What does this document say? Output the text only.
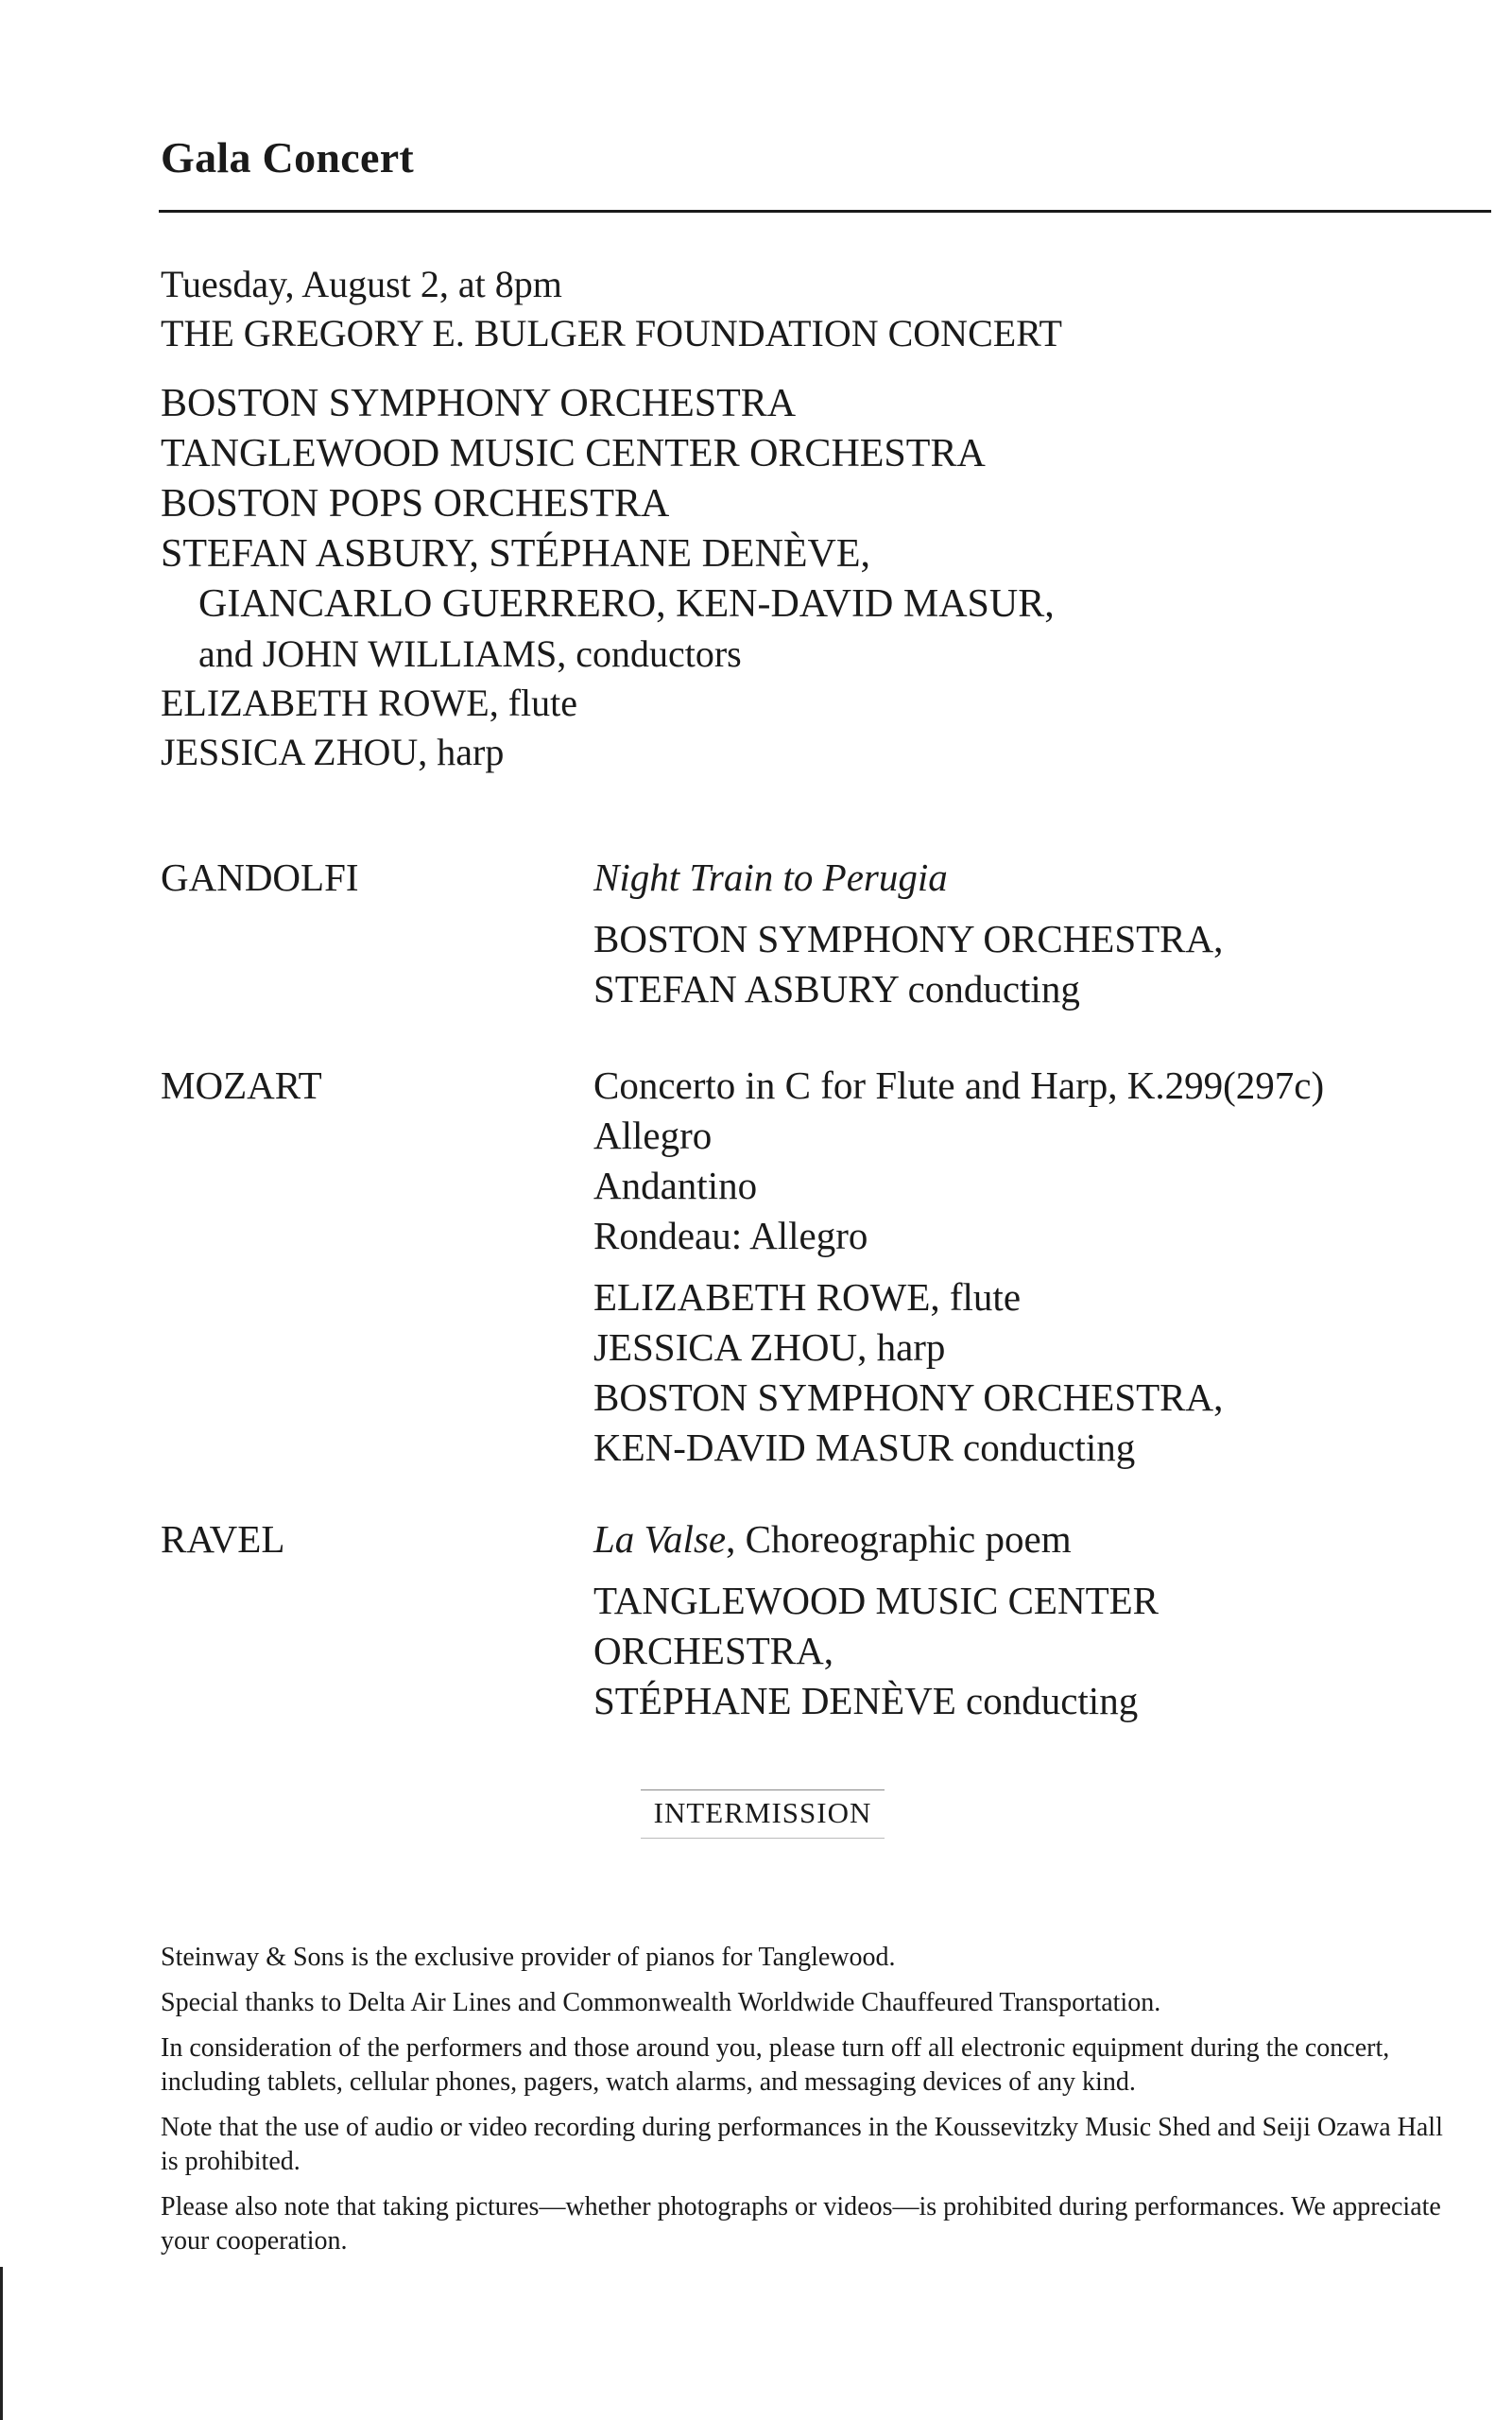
Gala Concert
Tuesday, August 2, at 8pm
THE GREGORY E. BULGER FOUNDATION CONCERT
BOSTON SYMPHONY ORCHESTRA
TANGLEWOOD MUSIC CENTER ORCHESTRA
BOSTON POPS ORCHESTRA
STEFAN ASBURY, STÉPHANE DENÈVE,
GIANCARLO GUERRERO, KEN-DAVID MASUR,
and JOHN WILLIAMS, conductors
ELIZABETH ROWE, flute
JESSICA ZHOU, harp
GANDOLFI	Night Train to Perugia
BOSTON SYMPHONY ORCHESTRA,
STEFAN ASBURY conducting
MOZART	Concerto in C for Flute and Harp, K.299(297c)
Allegro
Andantino
Rondeau: Allegro
ELIZABETH ROWE, flute
JESSICA ZHOU, harp
BOSTON SYMPHONY ORCHESTRA,
KEN-DAVID MASUR conducting
RAVEL	La Valse, Choreographic poem
TANGLEWOOD MUSIC CENTER
ORCHESTRA,
STÉPHANE DENÈVE conducting
INTERMISSION
Steinway & Sons is the exclusive provider of pianos for Tanglewood.
Special thanks to Delta Air Lines and Commonwealth Worldwide Chauffeured Transportation.
In consideration of the performers and those around you, please turn off all electronic equipment during the concert, including tablets, cellular phones, pagers, watch alarms, and messaging devices of any kind.
Note that the use of audio or video recording during performances in the Koussevitzky Music Shed and Seiji Ozawa Hall is prohibited.
Please also note that taking pictures—whether photographs or videos—is prohibited during performances. We appreciate your cooperation.
